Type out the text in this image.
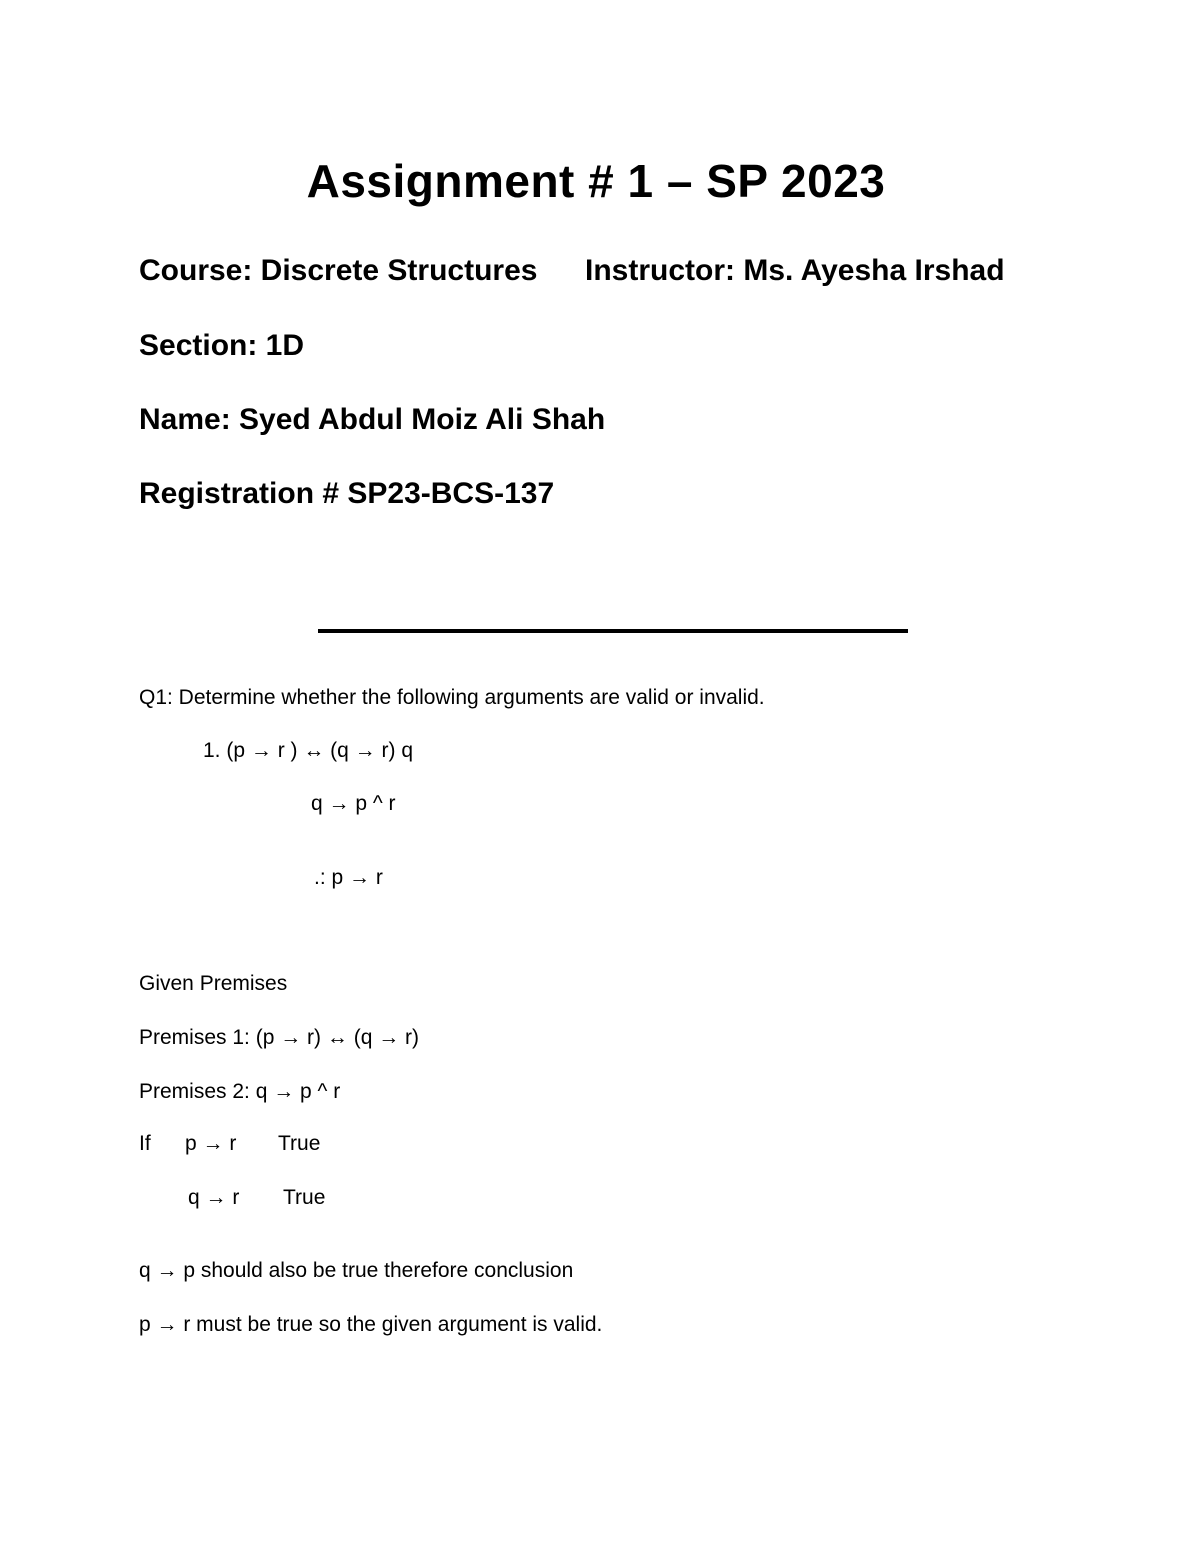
Assignment # 1 – SP 2023
Course: Discrete Structures Instructor: Ms. Ayesha Irshad
Section: 1D
Name: Syed Abdul Moiz Ali Shah
Registration # SP23-BCS-137
Q1: Determine whether the following arguments are valid or invalid.
1. (p → r ) ↔ (q → r) q
q → p ^ r
.: p → r
Given Premises
Premises 1: (p → r) ↔ (q → r)
Premises 2: q → p ^ r
If p → r True
q → r True
q → p should also be true therefore conclusion
p → r must be true so the given argument is valid.
